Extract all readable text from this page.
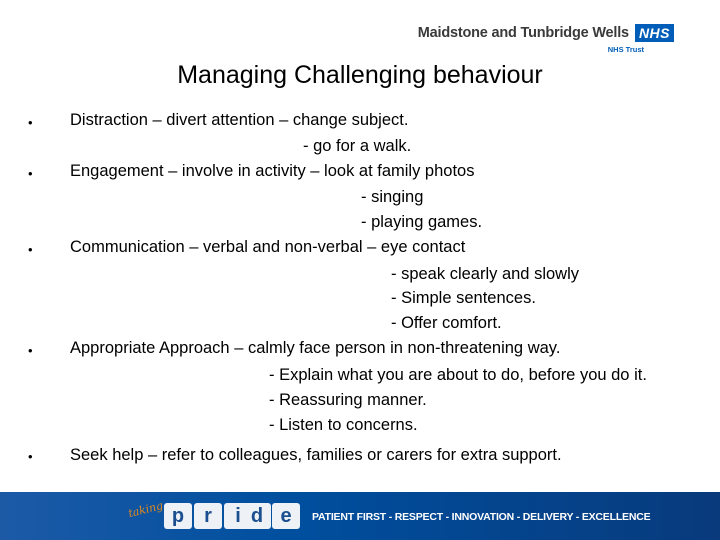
Maidstone and Tunbridge Wells NHS
NHS Trust
Managing Challenging behaviour
•
•
•
•
•
Distraction – divert attention – change subject.
- go for a walk.
Engagement – involve in activity – look at family photos
- singing
- playing games.
Communication – verbal and non-verbal – eye contact
- speak clearly and slowly
- Simple sentences.
- Offer comfort.
Appropriate Approach – calmly face person in non-threatening way.
- Explain what you are about to do, before you do it.
- Reassuring manner.
- Listen to concerns.
Seek help – refer to colleagues, families or carers for extra support.
taking p r	i d e	PATIENT FIRST - RESPECT - INNOVATION - DELIVERY - EXCELLENCE
